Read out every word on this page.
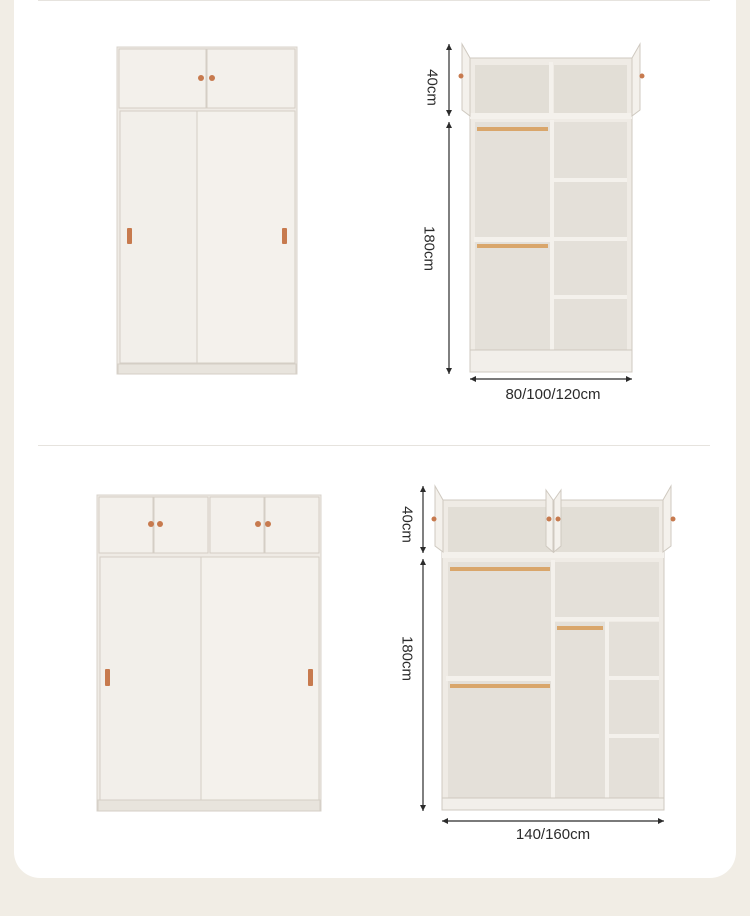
40cm
180cm
80/100/120cm
40cm
180cm
140/160cm
